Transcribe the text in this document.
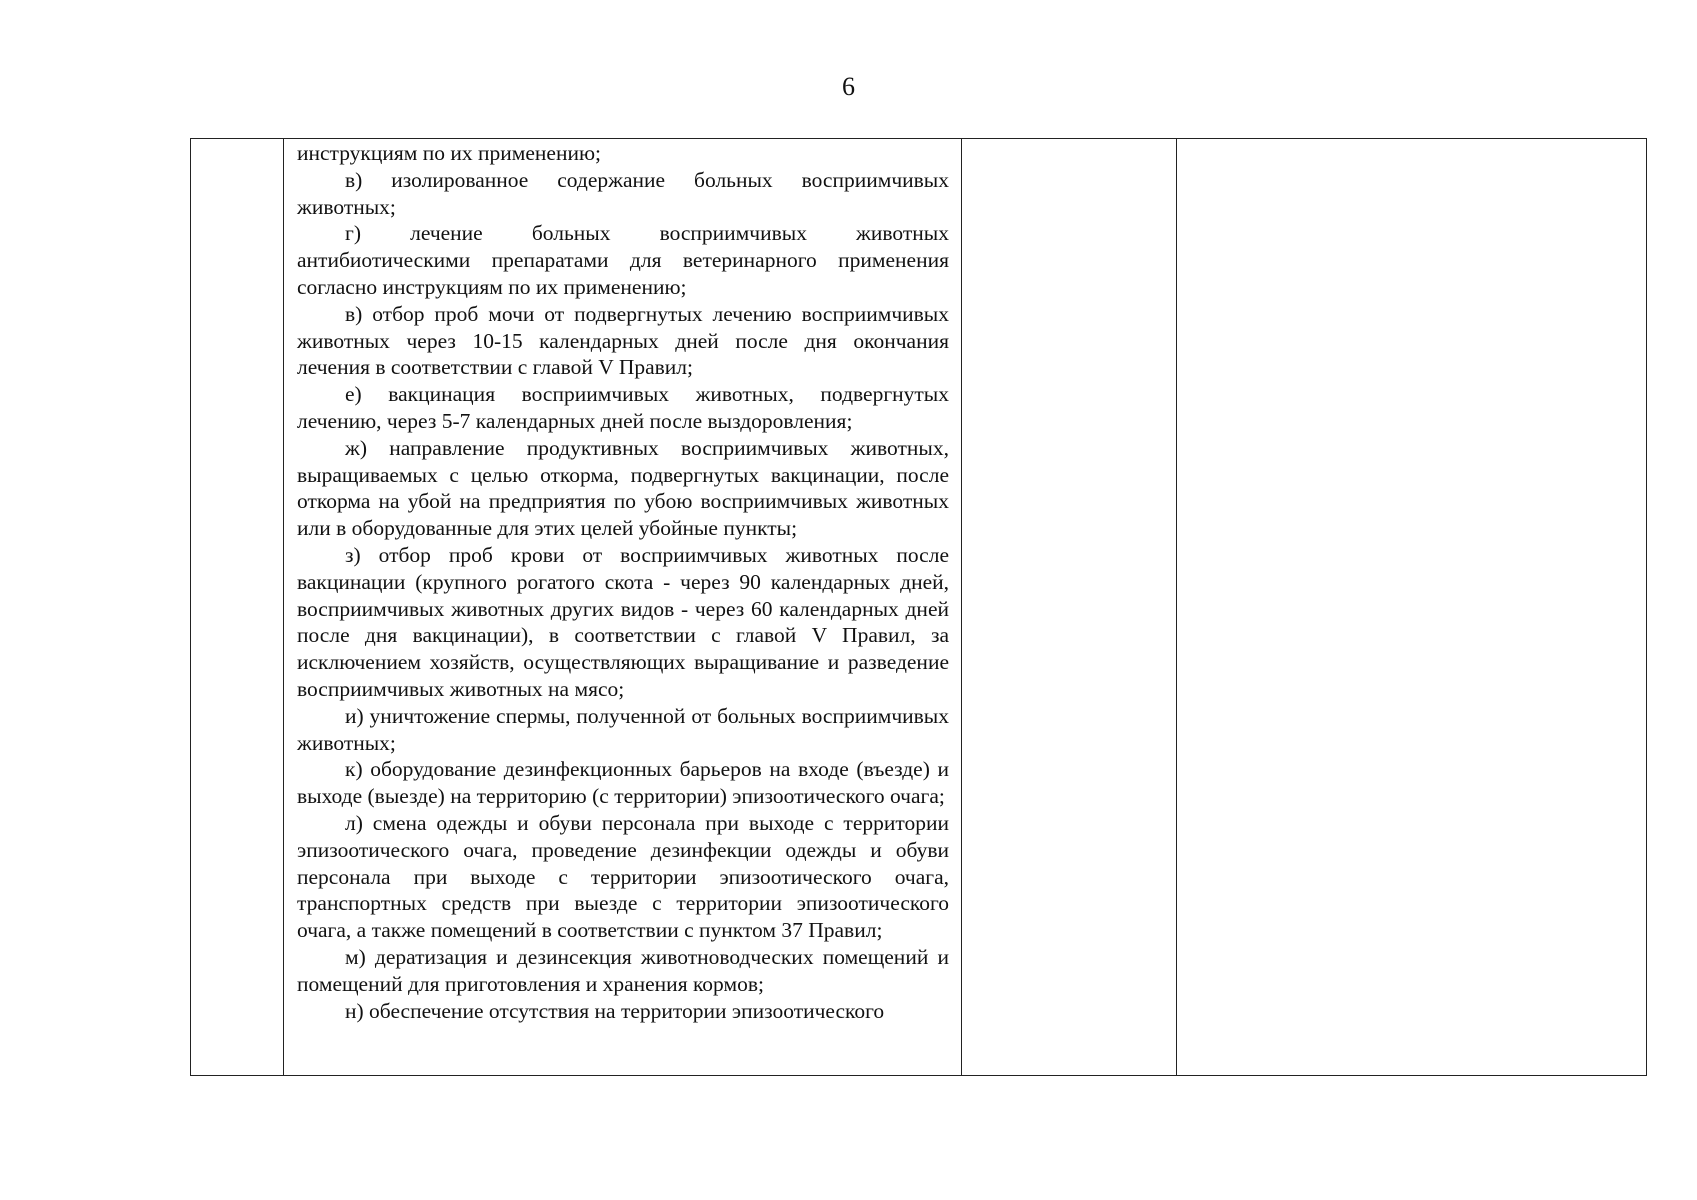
6

инструкциям по их применению;

в) изолированное содержание больных восприимчивых животных;

г) лечение больных восприимчивых животных антибиотическими препаратами для ветеринарного применения согласно инструкциям по их применению;

в) отбор проб мочи от подвергнутых лечению восприимчивых животных через 10-15 календарных дней после дня окончания лечения в соответствии с главой V Правил;

е) вакцинация восприимчивых животных, подвергнутых лечению, через 5-7 календарных дней после выздоровления;

ж) направление продуктивных восприимчивых животных, выращиваемых с целью откорма, подвергнутых вакцинации, после откорма на убой на предприятия по убою восприимчивых животных или в оборудованные для этих целей убойные пункты;

з) отбор проб крови от восприимчивых животных после вакцинации (крупного рогатого скота - через 90 календарных дней, восприимчивых животных других видов - через 60 календарных дней после дня вакцинации), в соответствии с главой V Правил, за исключением хозяйств, осуществляющих выращивание и разведение восприимчивых животных на мясо;

и) уничтожение спермы, полученной от больных восприимчивых животных;

к) оборудование дезинфекционных барьеров на входе (въезде) и выходе (выезде) на территорию (с территории) эпизоотического очага;

л) смена одежды и обуви персонала при выходе с территории эпизоотического очага, проведение дезинфекции одежды и обуви персонала при выходе с территории эпизоотического очага, транспортных средств при выезде с территории эпизоотического очага, а также помещений в соответствии с пунктом 37 Правил;

м) дератизация и дезинсекция животноводческих помещений и помещений для приготовления и хранения кормов;

н) обеспечение отсутствия на территории эпизоотического
